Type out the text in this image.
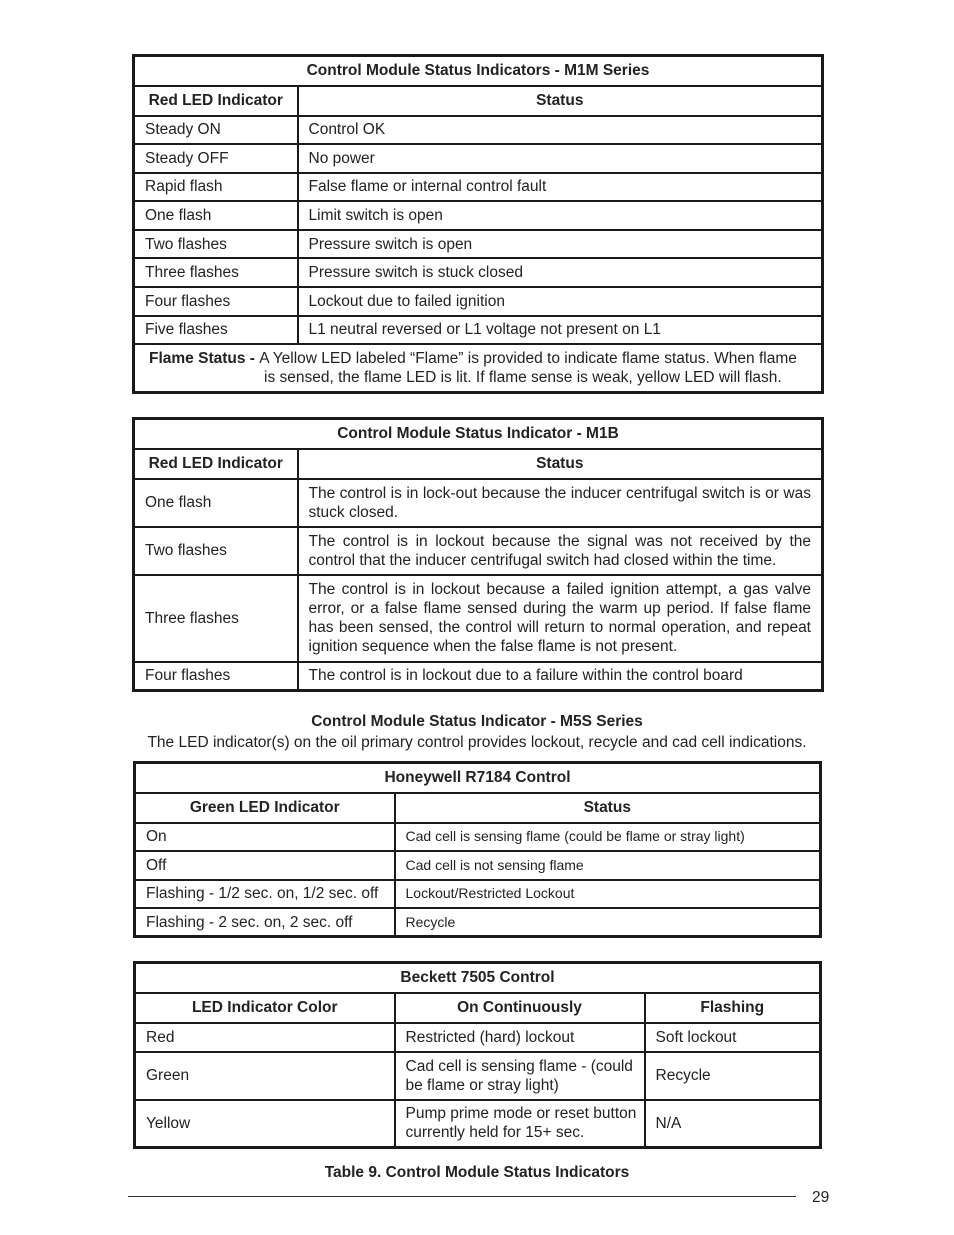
Control Module Status Indicators - M1M Series	
Red LED Indicator	Status
Steady ON	Control OK
Steady OFF	No power
Rapid flash	False flame or internal control fault
One flash	Limit switch is open
Two flashes	Pressure switch is open
Three flashes	Pressure switch is stuck closed
Four flashes	Lockout due to failed ignition
Five flashes	L1 neutral reversed or L1 voltage not present on L1
Flame Status - A Yellow LED labeled “Flame” is provided to indicate flame status. When flame
is sensed, the flame LED is lit. If flame sense is weak, yellow LED will flash.	
Control Module Status Indicator - M1B	
Red LED Indicator	Status
One flash	The control is in lock-out because the inducer centrifugal switch is or was stuck closed.
Two flashes	The control is in lockout because the signal was not received by the control that the inducer centrifugal switch had closed within the time.
Three flashes	The control is in lockout because a failed ignition attempt, a gas valve error, or a false flame sensed during the warm up period. If false flame has been sensed, the control will return to normal operation, and repeat ignition sequence when the false flame is not present.
Four flashes	The control is in lockout due to a failure within the control board
Control Module Status Indicator - M5S Series
The LED indicator(s) on the oil primary control provides lockout, recycle and cad cell indications.
Honeywell R7184 Control	
Green LED Indicator	Status
On	Cad cell is sensing flame (could be flame or stray light)
Off	Cad cell is not sensing flame
Flashing - 1/2 sec. on, 1/2 sec. off	Lockout/Restricted Lockout
Flashing - 2 sec. on, 2 sec. off	Recycle
Beckett 7505 Control		
LED Indicator Color	On Continuously	Flashing
Red	Restricted (hard) lockout	Soft lockout
Green	Cad cell is sensing flame - (could be flame or stray light)	Recycle
Yellow	Pump prime mode or reset button currently held for 15+ sec.	N/A
Table 9. Control Module Status Indicators
29
